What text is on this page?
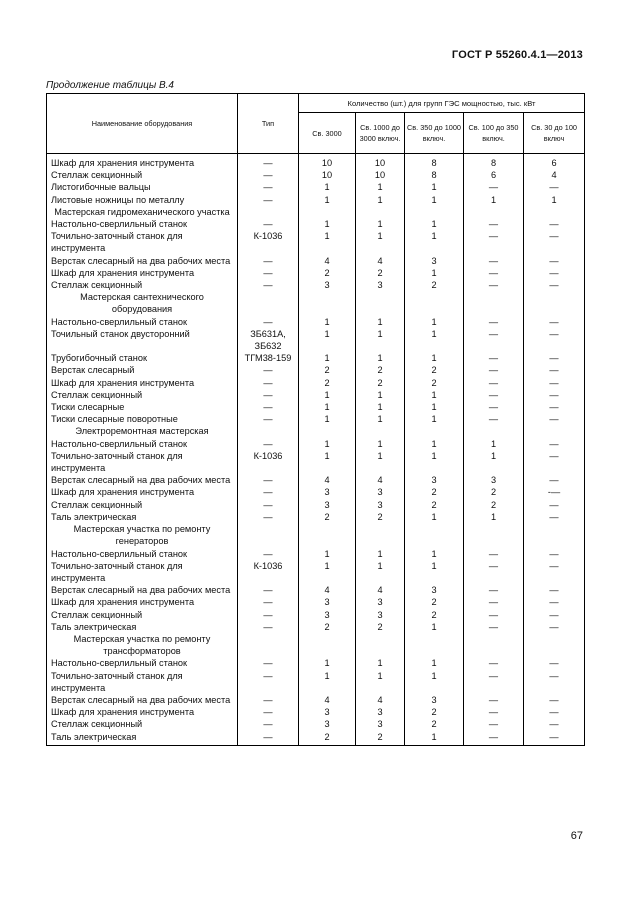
ГОСТ Р 55260.4.1—2013
Продолжение таблицы В.4
Наименование оборудования	Тип	Количество (шт.) для групп ГЭС мощностью, тыс. кВт				
		Св. 3000	Св. 1000 до 3000 включ.	Св. 350 до 1000 включ.	Св. 100 до 350 включ.	Св. 30 до 100 включ
Шкаф для хранения инструмента	—	10	10	8	8	6
Стеллаж секционный	—	10	10	8	6	4
Листогибочные вальцы	—	1	1	1	—	—
Листовые ножницы по металлу	—	1	1	1	1	1
Мастерская гидромеханического участка						
Настольно-сверлильный станок	—	1	1	1	—	—
Точильно-заточный станок для инструмента	К-1036	1	1	1	—	—
Верстак слесарный на два рабочих места	—	4	4	3	—	—
Шкаф для хранения инструмента	—	2	2	1	—	—
Стеллаж секционный	—	3	3	2	—	—
Мастерская сантехнического оборудования						
Настольно-сверлильный станок	—	1	1	1	—	—
Точильный станок двусторонний	ЗБ631А, ЗБ632	1	1	1	—	—
Трубогибочный станок	ТГМ38-159	1	1	1	—	—
Верстак слесарный	—	2	2	2	—	—
Шкаф для хранения инструмента	—	2	2	2	—	—
Стеллаж секционный	—	1	1	1	—	—
Тиски слесарные	—	1	1	1	—	—
Тиски слесарные поворотные	—	1	1	1	—	—
Электроремонтная мастерская						
Настольно-сверлильный станок	—	1	1	1	1	—
Точильно-заточный станок для инструмента	К-1036	1	1	1	1	—
Верстак слесарный на два рабочих места	—	4	4	3	3	—
Шкаф для хранения инструмента	—	3	3	2	2	-—
Стеллаж секционный	—	3	3	2	2	—
Таль электрическая	—	2	2	1	1	—
Мастерская участка по ремонту генераторов						
Настольно-сверлильный станок	—	1	1	1	—	—
Точильно-заточный станок для инструмента	К-1036	1	1	1	—	—
Верстак слесарный на два рабочих места	—	4	4	3	—	—
Шкаф для хранения инструмента	—	3	3	2	—	—
Стеллаж секционный	—	3	3	2	—	—
Таль электрическая	—	2	2	1	—	—
Мастерская участка по ремонту трансформаторов						
Настольно-сверлильный станок	—	1	1	1	—	—
Точильно-заточный станок для инструмента	—	1	1	1	—	—
Верстак слесарный на два рабочих места	—	4	4	3	—	—
Шкаф для хранения инструмента	—	3	3	2	—	—
Стеллаж секционный	—	3	3	2	—	—
Таль электрическая	—	2	2	1	—	—
67
